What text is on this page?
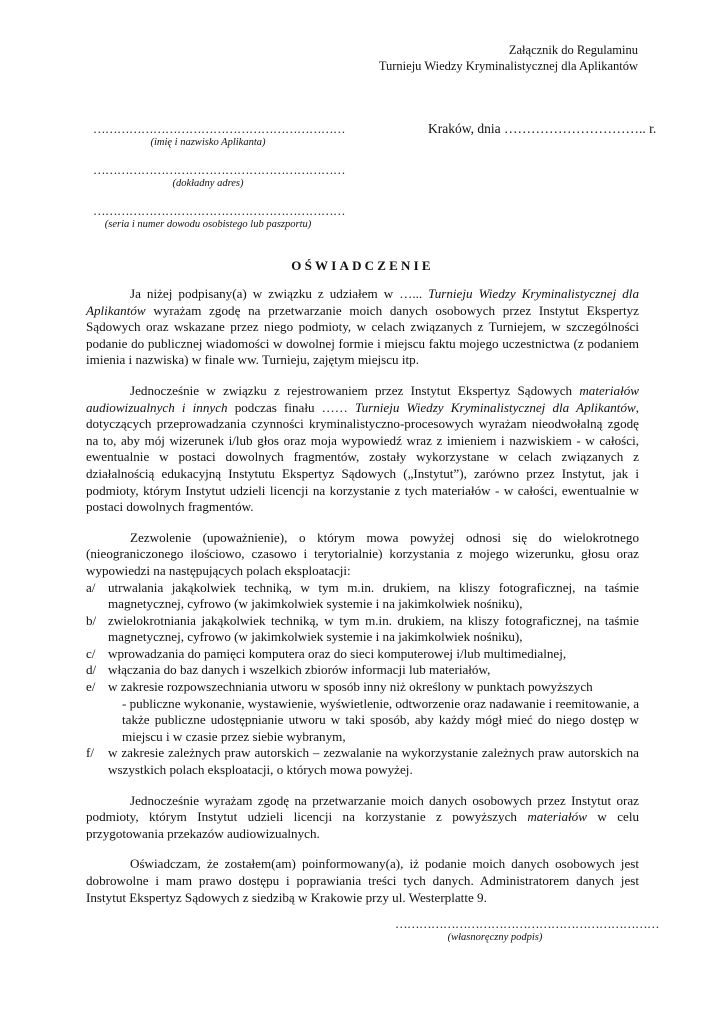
Załącznik do Regulaminu
Turnieju Wiedzy Kryminalistycznej dla Aplikantów
………………………………………………………
(imię i nazwisko Aplikanta)
………………………………………………………
(dokładny adres)
………………………………………………………
(seria i numer dowodu osobistego lub paszportu)
Kraków, dnia ………………………….. r.
OŚWIADCZENIE

Ja niżej podpisany(a) w związku z udziałem w …... Turnieju Wiedzy Kryminalistycznej dla Aplikantów wyrażam zgodę na przetwarzanie moich danych osobowych przez Instytut Ekspertyz Sądowych oraz wskazane przez niego podmioty, w celach związanych z Turniejem, w szczególności podanie do publicznej wiadomości w dowolnej formie i miejscu faktu mojego uczestnictwa (z podaniem imienia i nazwiska) w finale ww. Turnieju, zajętym miejscu itp.

Jednocześnie w związku z rejestrowaniem przez Instytut Ekspertyz Sądowych materiałów audiowizualnych i innych podczas finału …… Turnieju Wiedzy Kryminalistycznej dla Aplikantów, dotyczących przeprowadzania czynności kryminalistyczno-procesowych wyrażam nieodwołalną zgodę na to, aby mój wizerunek i/lub głos oraz moja wypowiedź wraz z imieniem i nazwiskiem - w całości, ewentualnie w postaci dowolnych fragmentów, zostały wykorzystane w celach związanych z działalnością edukacyjną Instytutu Ekspertyz Sądowych („Instytut”), zarówno przez Instytut, jak i podmioty, którym Instytut udzieli licencji na korzystanie z tych materiałów - w całości, ewentualnie w postaci dowolnych fragmentów.

Zezwolenie (upoważnienie), o którym mowa powyżej odnosi się do wielokrotnego (nieograniczonego ilościowo, czasowo i terytorialnie) korzystania z mojego wizerunku, głosu oraz wypowiedzi na następujących polach eksploatacji:

a/ utrwalania jakąkolwiek techniką, w tym m.in. drukiem, na kliszy fotograficznej, na taśmie magnetycznej, cyfrowo (w jakimkolwiek systemie i na jakimkolwiek nośniku),
b/ zwielokrotniania jakąkolwiek techniką, w tym m.in. drukiem, na kliszy fotograficznej, na taśmie magnetycznej, cyfrowo (w jakimkolwiek systemie i na jakimkolwiek nośniku),
c/ wprowadzania do pamięci komputera oraz do sieci komputerowej i/lub multimedialnej,
d/ włączania do baz danych i wszelkich zbiorów informacji lub materiałów,
e/ w zakresie rozpowszechniania utworu w sposób inny niż określony w punktach powyższych
- publiczne wykonanie, wystawienie, wyświetlenie, odtworzenie oraz nadawanie i reemitowanie, a także publiczne udostępnianie utworu w taki sposób, aby każdy mógł mieć do niego dostęp w miejscu i w czasie przez siebie wybranym,
f/ w zakresie zależnych praw autorskich – zezwalanie na wykorzystanie zależnych praw autorskich na wszystkich polach eksploatacji, o których mowa powyżej.

Jednocześnie wyrażam zgodę na przetwarzanie moich danych osobowych przez Instytut oraz podmioty, którym Instytut udzieli licencji na korzystanie z powyższych materiałów w celu przygotowania przekazów audiowizualnych.

Oświadczam, że zostałem(am) poinformowany(a), iż podanie moich danych osobowych jest dobrowolne i mam prawo dostępu i poprawiania treści tych danych. Administratorem danych jest Instytut Ekspertyz Sądowych z siedzibą w Krakowie przy ul. Westerplatte 9.

…………………………………………………………
(własnoręczny podpis)
